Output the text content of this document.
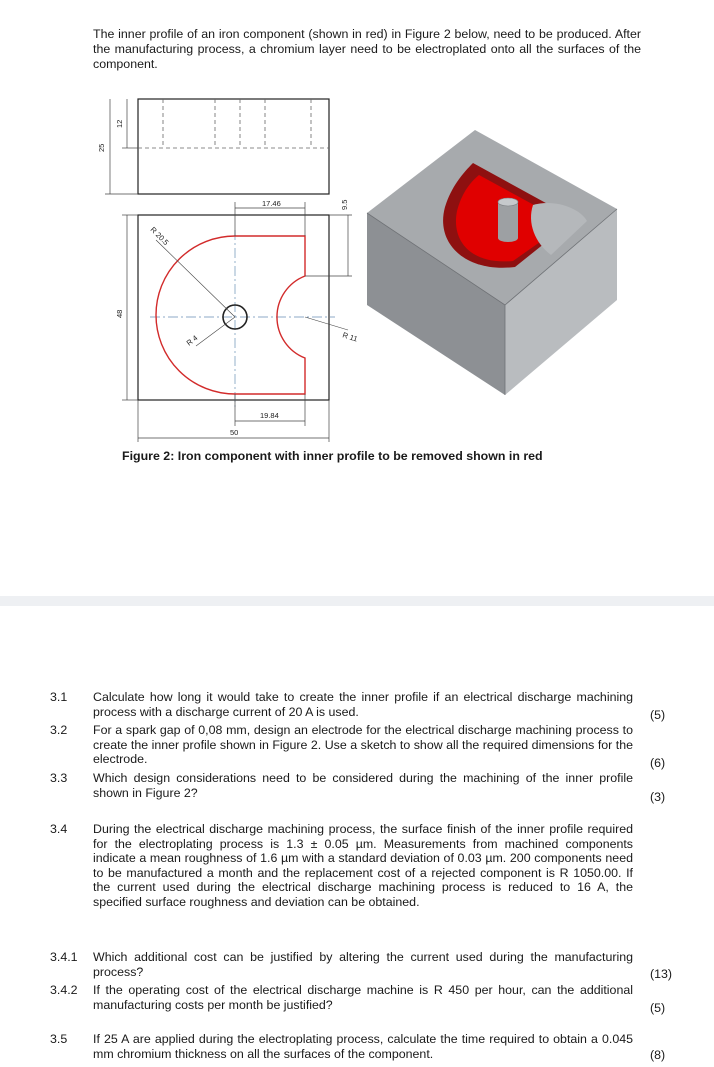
The inner profile of an iron component (shown in red) in Figure 2 below, need to be produced. After the manufacturing process, a chromium layer need to be electroplated onto all the surfaces of the component.

25
12
R 20.5
R 4	R 11
17.46	9.5
48
19.84
50

Figure 2: Iron component with inner profile to be removed shown in red

3.1 Calculate how long it would take to create the inner profile if an electrical discharge machining process with a discharge current of 20 A is used.	(5)
3.2 For a spark gap of 0,08 mm, design an electrode for the electrical discharge machining process to create the inner profile shown in Figure 2. Use a sketch to show all the required dimensions for the electrode.	(6)
3.3 Which design considerations need to be considered during the machining of the inner profile shown in Figure 2?	(3)
3.4 During the electrical discharge machining process, the surface finish of the inner profile required for the electroplating process is 1.3 ± 0.05 µm. Measurements from machined components indicate a mean roughness of 1.6 µm with a standard deviation of 0.03 µm. 200 components need to be manufactured a month and the replacement cost of a rejected component is R 1050.00. If the current used during the electrical discharge machining process is reduced to 16 A, the specified surface roughness and deviation can be obtained.

3.4.1 Which additional cost can be justified by altering the current used during the manufacturing process?	(13)
3.4.2 If the operating cost of the electrical discharge machine is R 450 per hour, can the additional manufacturing costs per month be justified?	(5)
3.5 If 25 A are applied during the electroplating process, calculate the time required to obtain a 0.045 mm chromium thickness on all the surfaces of the component.	(8)
